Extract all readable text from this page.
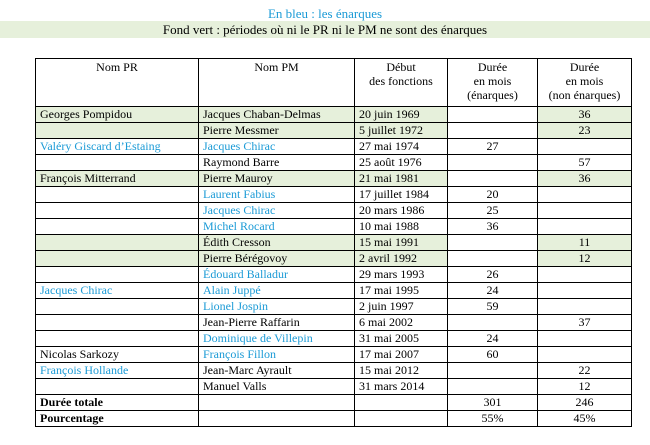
En bleu : les énarques
Fond vert : périodes où ni le PR ni le PM ne sont des énarques
Nom PR	Nom PM	Début
des fonctions	Durée
en mois
(énarques)	Durée
en mois
(non énarques)
Georges Pompidou	Jacques Chaban-Delmas	20 juin 1969		36
	Pierre Messmer	5 juillet 1972		23
Valéry Giscard d’Estaing	Jacques Chirac	27 mai 1974	27	
	Raymond Barre	25 août 1976		57
François Mitterrand	Pierre Mauroy	21 mai 1981		36
	Laurent Fabius	17 juillet 1984	20	
	Jacques Chirac	20 mars 1986	25	
	Michel Rocard	10 mai 1988	36	
	Édith Cresson	15 mai 1991		11
	Pierre Bérégovoy	2 avril 1992		12
	Édouard Balladur	29 mars 1993	26	
Jacques Chirac	Alain Juppé	17 mai 1995	24	
	Lionel Jospin	2 juin 1997	59	
	Jean-Pierre Raffarin	6 mai 2002		37
	Dominique de Villepin	31 mai 2005	24	
Nicolas Sarkozy	François Fillon	17 mai 2007	60	
François Hollande	Jean-Marc Ayrault	15 mai 2012		22
	Manuel Valls	31 mars 2014		12
Durée totale			301	246
Pourcentage			55%	45%
